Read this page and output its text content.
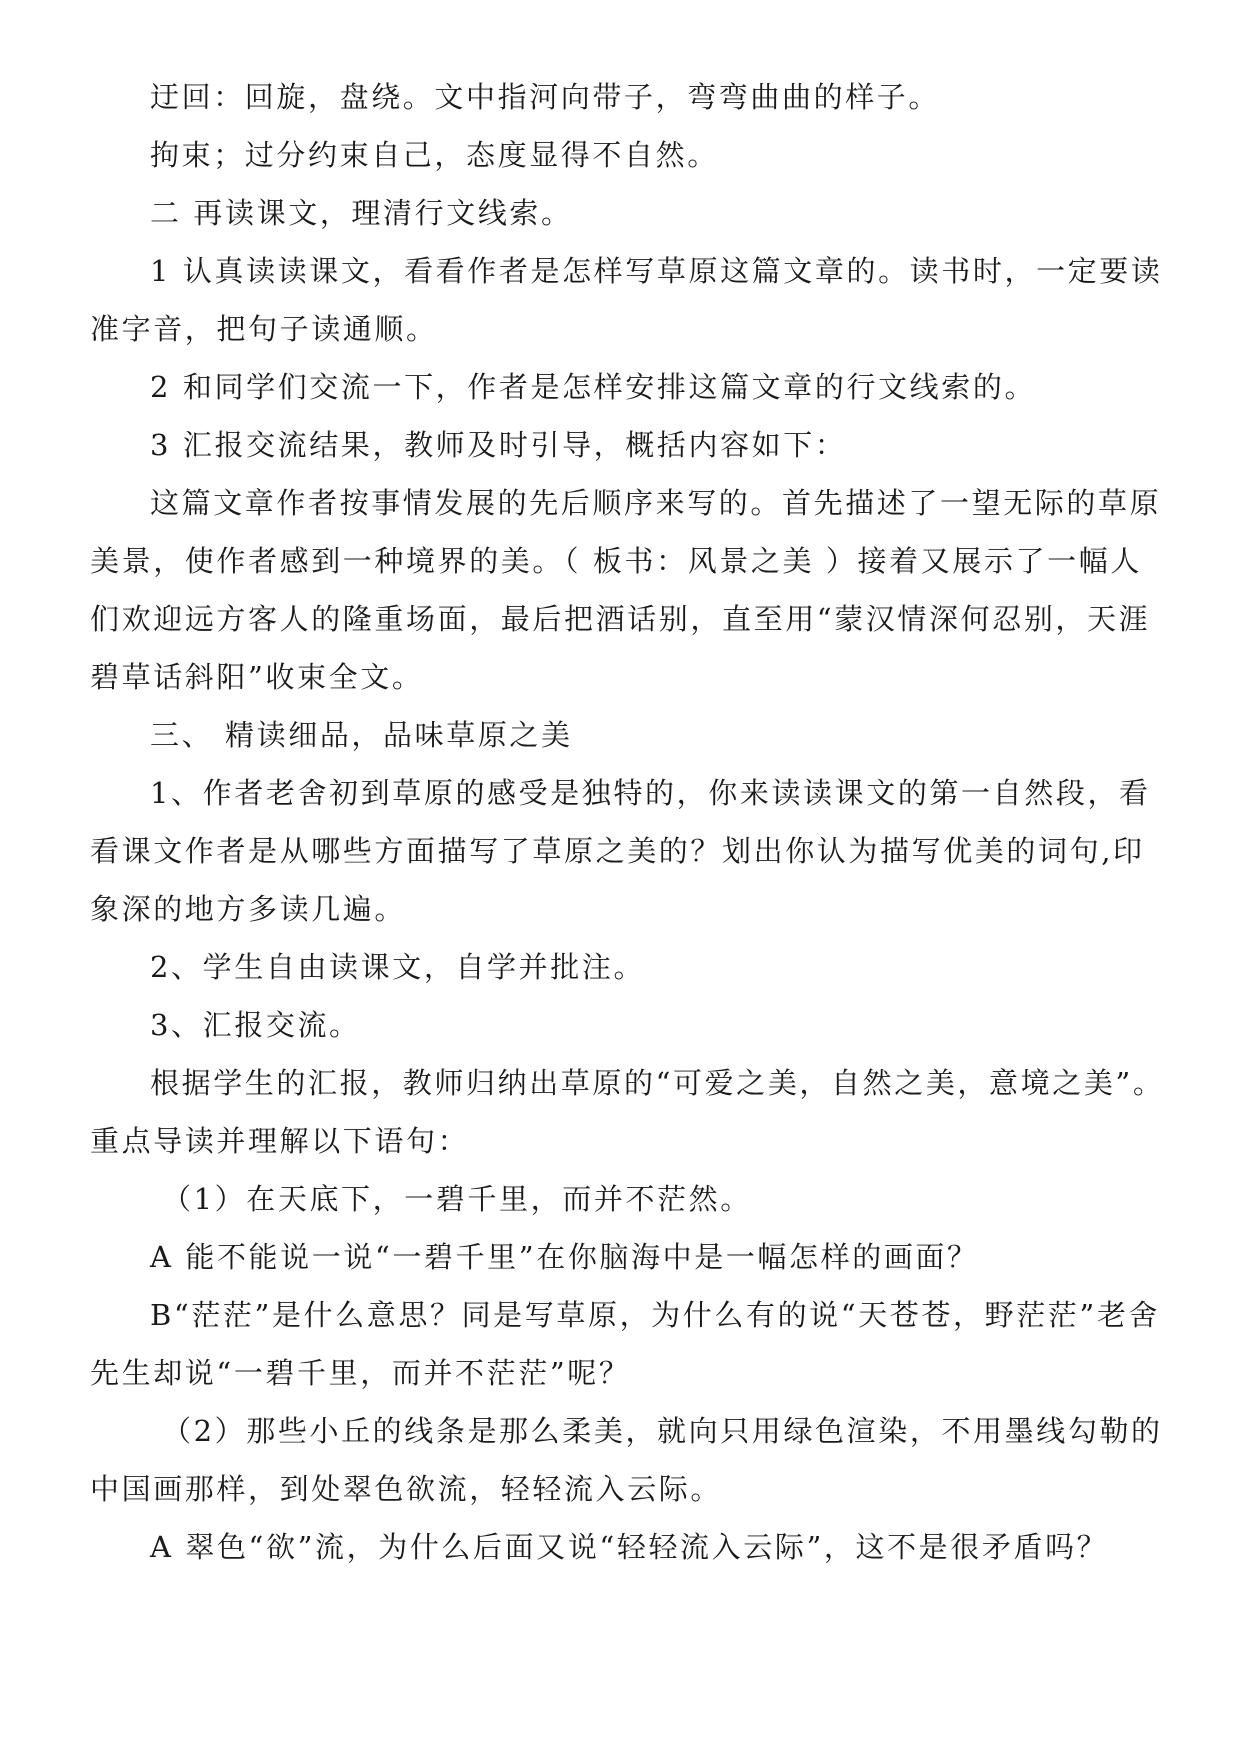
迂回：回旋，盘绕。文中指河向带子，弯弯曲曲的样子。

拘束；过分约束自己，态度显得不自然。

二 再读课文，理清行文线索。

1 认真读读课文，看看作者是怎样写草原这篇文章的。读书时，一定要读准字音，把句子读通顺。

2 和同学们交流一下，作者是怎样安排这篇文章的行文线索的。

3 汇报交流结果，教师及时引导，概括内容如下：

这篇文章作者按事情发展的先后顺序来写的。首先描述了一望无际的草原美景，使作者感到一种境界的美。（ 板书：风景之美 ）接着又展示了一幅人们欢迎远方客人的隆重场面，最后把酒话别，直至用“蒙汉情深何忍别，天涯碧草话斜阳”收束全文。

三、 精读细品，品味草原之美

1、作者老舍初到草原的感受是独特的，你来读读课文的第一自然段，看看课文作者是从哪些方面描写了草原之美的？划出你认为描写优美的词句,印象深的地方多读几遍。

2、学生自由读课文，自学并批注。

3、汇报交流。

根据学生的汇报，教师归纳出草原的“可爱之美，自然之美，意境之美”。重点导读并理解以下语句：

（1）在天底下，一碧千里，而并不茫然。

A 能不能说一说“一碧千里”在你脑海中是一幅怎样的画面？

B“茫茫”是什么意思？同是写草原，为什么有的说“天苍苍，野茫茫”老舍先生却说“一碧千里，而并不茫茫”呢？

（2）那些小丘的线条是那么柔美，就向只用绿色渲染，不用墨线勾勒的中国画那样，到处翠色欲流，轻轻流入云际。

A 翠色“欲”流，为什么后面又说“轻轻流入云际”，这不是很矛盾吗？
